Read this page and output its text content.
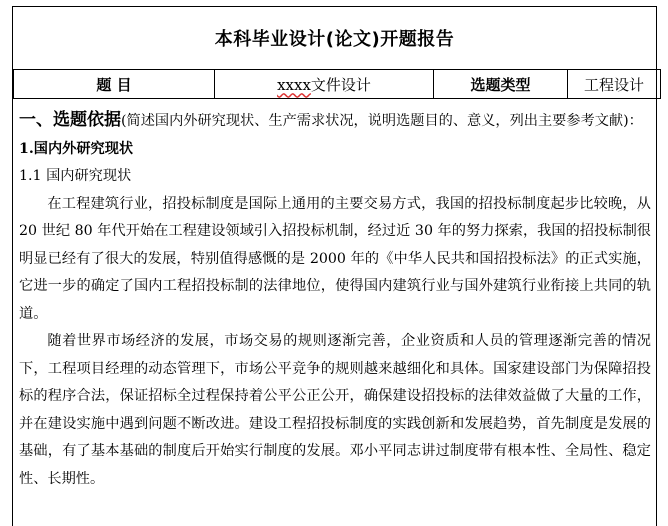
本科毕业设计(论文)开题报告
题 目	xxxx文件设计	选题类型	工程设计

一、选题依据(简述国内外研究现状、生产需求状况，说明选题目的、意义，列出主要参考文献)：

1.国内外研究现状

1.1 国内研究现状

在工程建筑行业，招投标制度是国际上通用的主要交易方式，我国的招投标制度起步比较晚，从 20 世纪 80 年代开始在工程建设领域引入招投标机制，经过近 30 年的努力探索，我国的招投标制很明显已经有了很大的发展，特别值得感慨的是 2000 年的《中华人民共和国招投标法》的正式实施，它进一步的确定了国内工程招投标制的法律地位，使得国内建筑行业与国外建筑行业衔接上共同的轨道。

随着世界市场经济的发展，市场交易的规则逐渐完善，企业资质和人员的管理逐渐完善的情况下，工程项目经理的动态管理下，市场公平竞争的规则越来越细化和具体。国家建设部门为保障招投标的程序合法，保证招标全过程保持着公平公正公开，确保建设招投标的法律效益做了大量的工作，并在建设实施中遇到问题不断改进。建设工程招投标制度的实践创新和发展趋势，首先制度是发展的基础，有了基本基础的制度后开始实行制度的发展。邓小平同志讲过制度带有根本性、全局性、稳定性、长期性。
